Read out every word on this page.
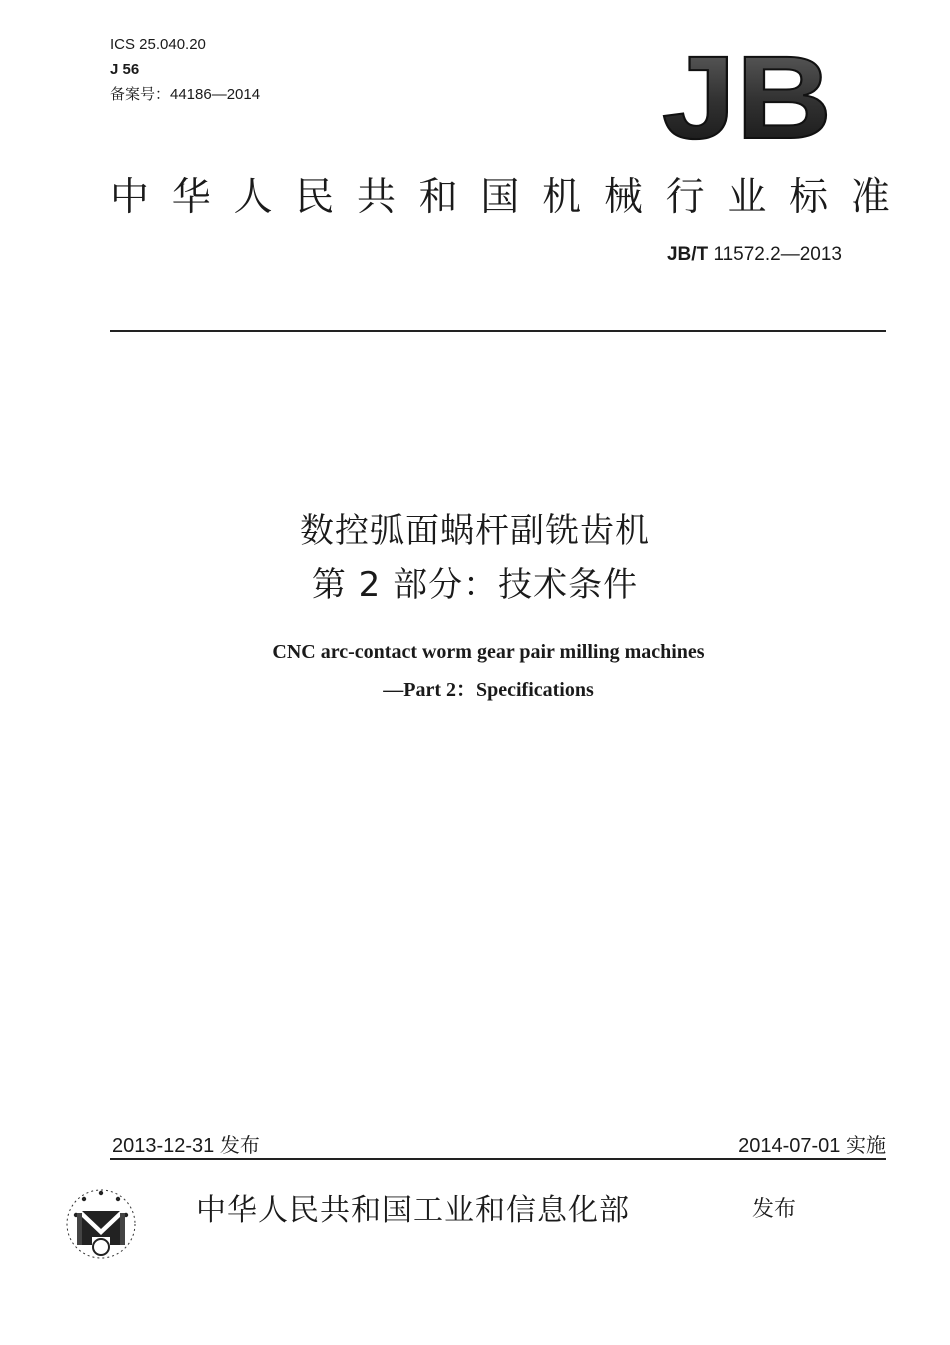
ICS 25.040.20
J 56
备案号：44186—2014	JB
中 华 人 民 共 和 国 机 械 行 业 标 准
JB/T 11572.2—2013
数控弧面蜗杆副铣齿机
第 2 部分：技术条件
CNC arc-contact worm gear pair milling machines
—Part 2：Specifications
2013-12-31 发布	2014-07-01 实施
中华人民共和国工业和信息化部	发布
